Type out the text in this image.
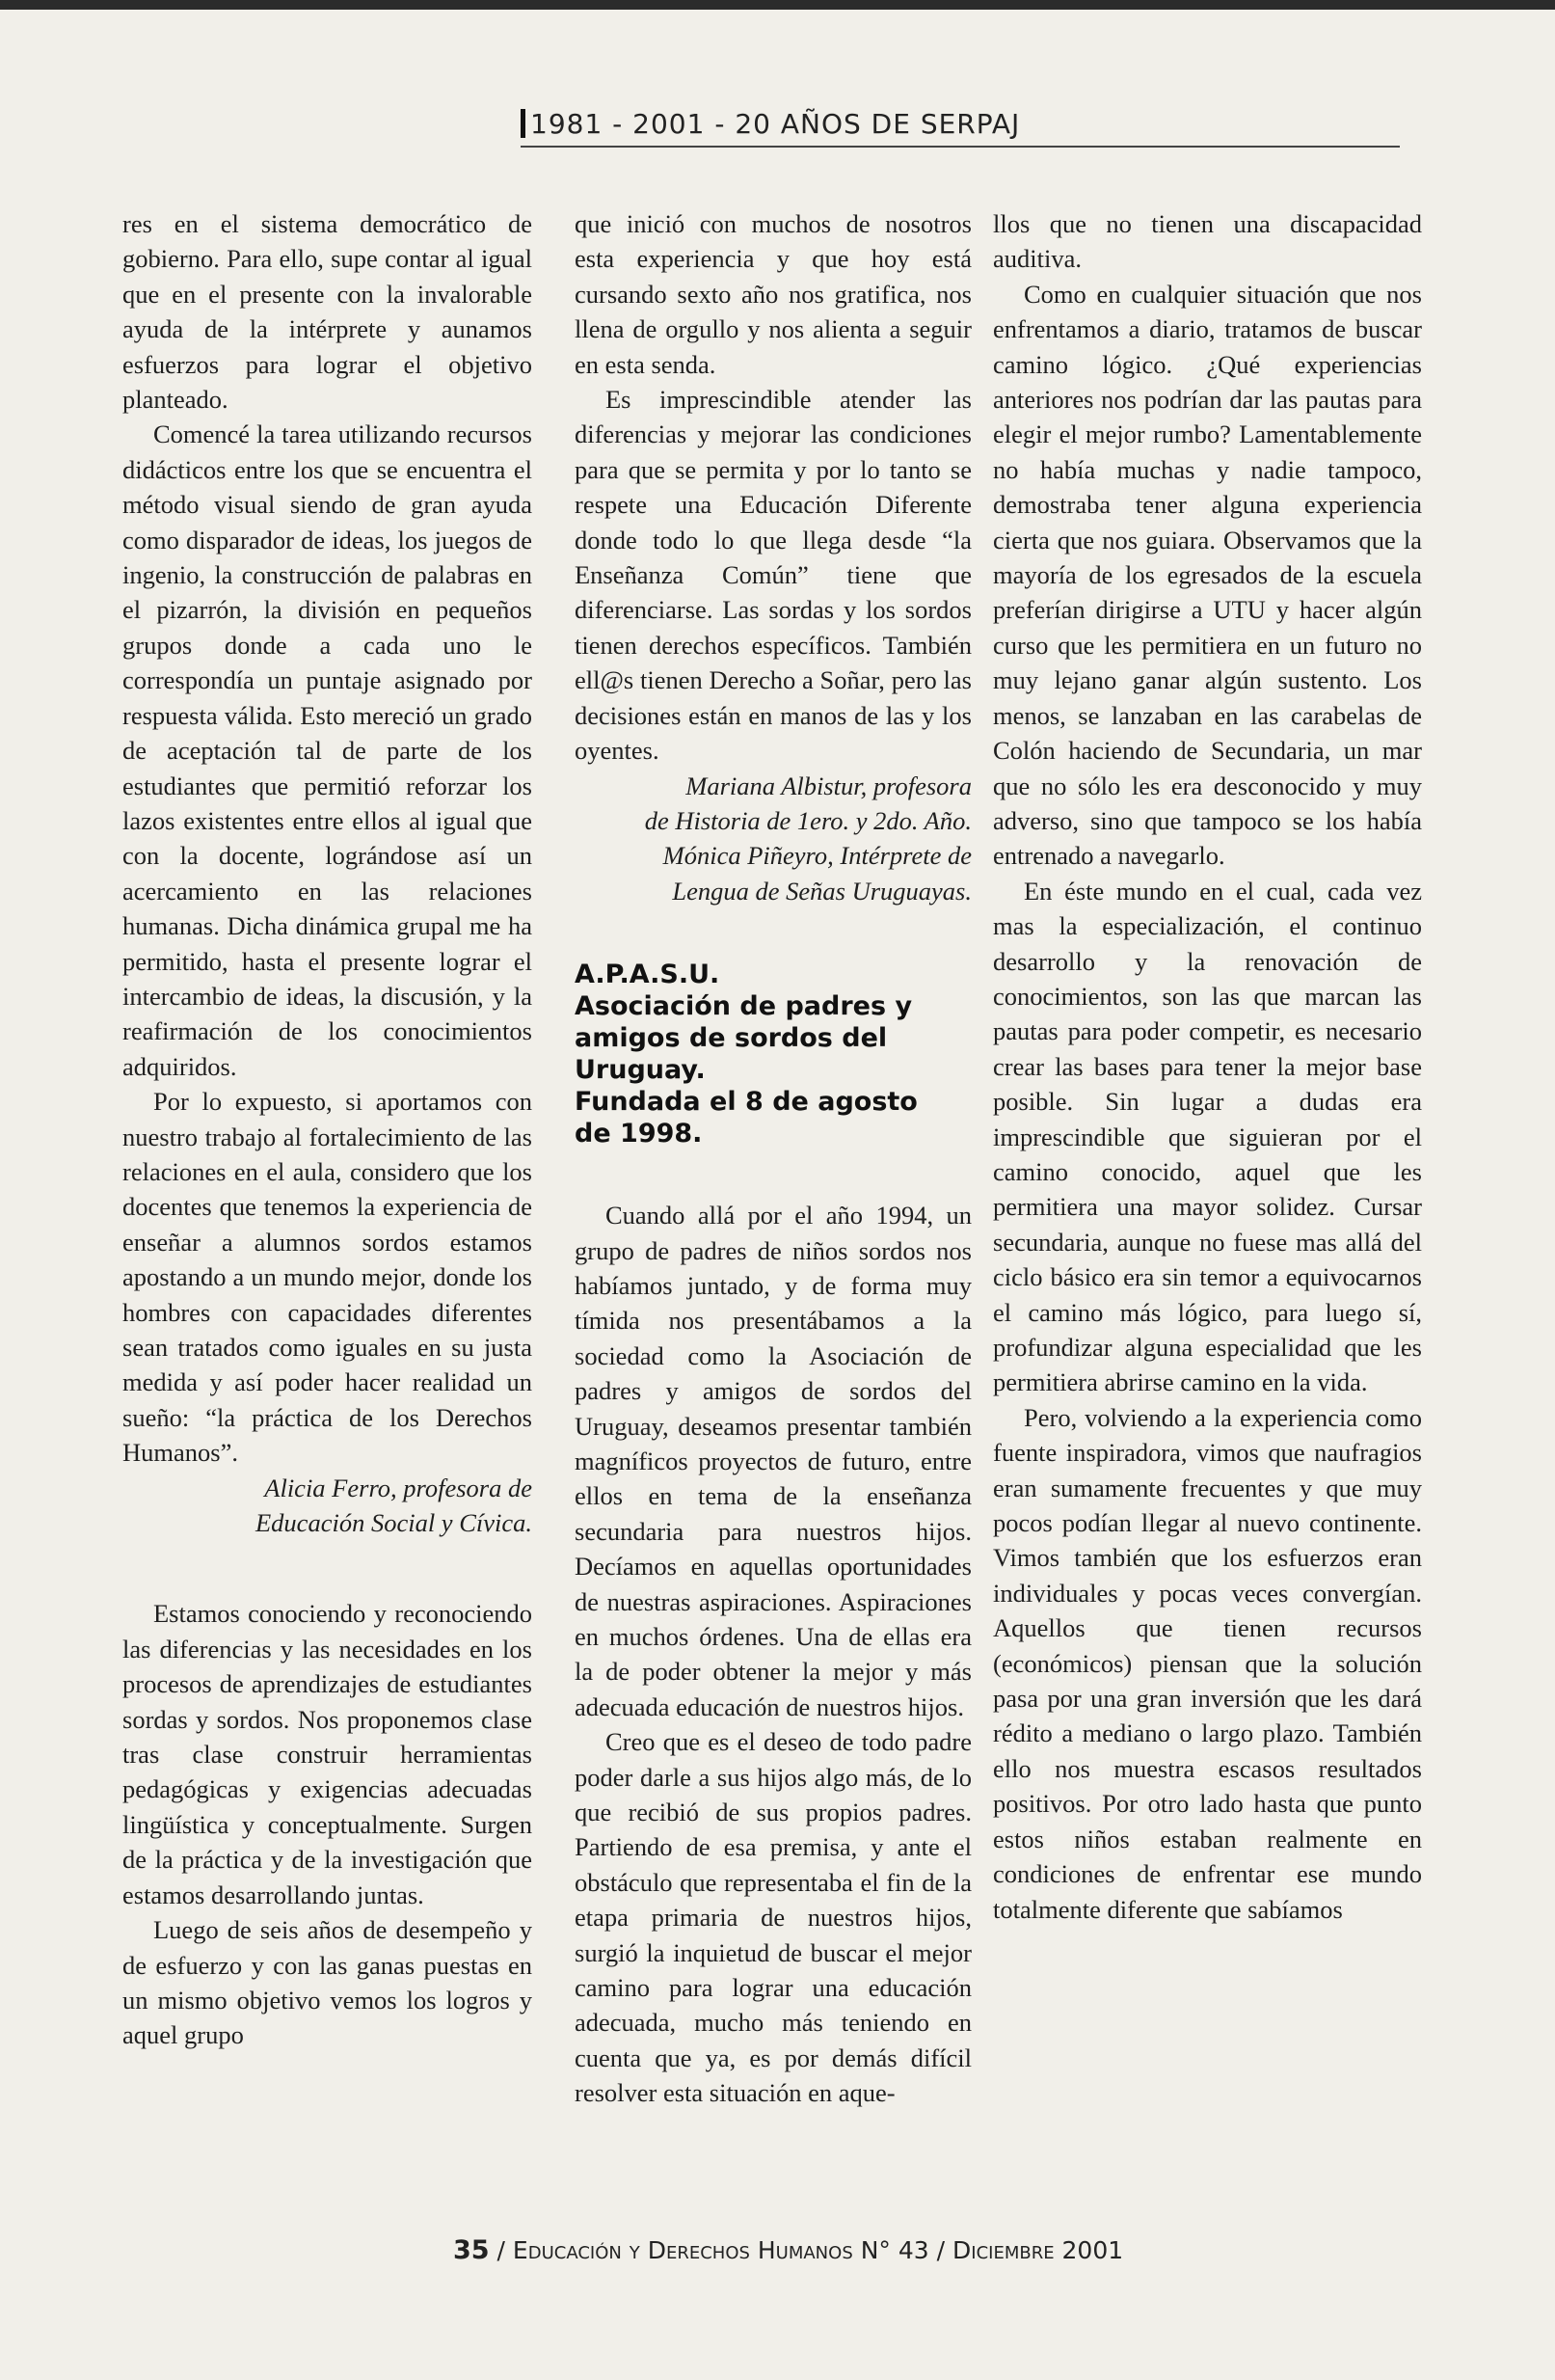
1981 - 2001 - 20 AÑOS DE SERPAJ

res en el sistema democrático de gobierno. Para ello, supe contar al igual que en el presente con la invalorable ayuda de la intérprete y aunamos esfuerzos para lograr el objetivo planteado.

Comencé la tarea utilizando recursos didácticos entre los que se encuentra el método visual siendo de gran ayuda como disparador de ideas, los juegos de ingenio, la construcción de palabras en el pizarrón, la división en pequeños grupos donde a cada uno le correspondía un puntaje asignado por respuesta válida. Esto mereció un grado de aceptación tal de parte de los estudiantes que permitió reforzar los lazos existentes entre ellos al igual que con la docente, lográndose así un acercamiento en las relaciones humanas. Dicha dinámica grupal me ha permitido, hasta el presente lograr el intercambio de ideas, la discusión, y la reafirmación de los conocimientos adquiridos.

Por lo expuesto, si aportamos con nuestro trabajo al fortalecimiento de las relaciones en el aula, considero que los docentes que tenemos la experiencia de enseñar a alumnos sordos estamos apostando a un mundo mejor, donde los hombres con capacidades diferentes sean tratados como iguales en su justa medida y así poder hacer realidad un sueño: “la práctica de los Derechos Humanos”.

Alicia Ferro, profesora de

Educación Social y Cívica.

Estamos conociendo y reconociendo las diferencias y las necesidades en los procesos de aprendizajes de estudiantes sordas y sordos. Nos proponemos clase tras clase construir herramientas pedagógicas y exigencias adecuadas lingüística y conceptualmente. Surgen de la práctica y de la investigación que estamos desarrollando juntas.

Luego de seis años de desempeño y de esfuerzo y con las ganas puestas en un mismo objetivo vemos los logros y aquel grupo

que inició con muchos de nosotros esta experiencia y que hoy está cursando sexto año nos gratifica, nos llena de orgullo y nos alienta a seguir en esta senda.

Es imprescindible atender las diferencias y mejorar las condiciones para que se permita y por lo tanto se respete una Educación Diferente donde todo lo que llega desde “la Enseñanza Común” tiene que diferenciarse. Las sordas y los sordos tienen derechos específicos. También ell@s tienen Derecho a Soñar, pero las decisiones están en manos de las y los oyentes.

Mariana Albistur, profesora

de Historia de 1ero. y 2do. Año.

Mónica Piñeyro, Intérprete de

Lengua de Señas Uruguayas.

A.P.A.S.U.
Asociación de padres y
amigos de sordos del
Uruguay.
Fundada el 8 de agosto
de 1998.

Cuando allá por el año 1994, un grupo de padres de niños sordos nos habíamos juntado, y de forma muy tímida nos presentábamos a la sociedad como la Asociación de padres y amigos de sordos del Uruguay, deseamos presentar también magníficos proyectos de futuro, entre ellos en tema de la enseñanza secundaria para nuestros hijos. Decíamos en aquellas oportunidades de nuestras aspiraciones. Aspiraciones en muchos órdenes. Una de ellas era la de poder obtener la mejor y más adecuada educación de nuestros hijos.

Creo que es el deseo de todo padre poder darle a sus hijos algo más, de lo que recibió de sus propios padres. Partiendo de esa premisa, y ante el obstáculo que representaba el fin de la etapa primaria de nuestros hijos, surgió la inquietud de buscar el mejor camino para lograr una educación adecuada, mucho más teniendo en cuenta que ya, es por demás difícil resolver esta situación en aque-

llos que no tienen una discapacidad auditiva.

Como en cualquier situación que nos enfrentamos a diario, tratamos de buscar camino lógico. ¿Qué experiencias anteriores nos podrían dar las pautas para elegir el mejor rumbo? Lamentablemente no había muchas y nadie tampoco, demostraba tener alguna experiencia cierta que nos guiara. Observamos que la mayoría de los egresados de la escuela preferían dirigirse a UTU y hacer algún curso que les permitiera en un futuro no muy lejano ganar algún sustento. Los menos, se lanzaban en las carabelas de Colón haciendo de Secundaria, un mar que no sólo les era desconocido y muy adverso, sino que tampoco se los había entrenado a navegarlo.

En éste mundo en el cual, cada vez mas la especialización, el continuo desarrollo y la renovación de conocimientos, son las que marcan las pautas para poder competir, es necesario crear las bases para tener la mejor base posible. Sin lugar a dudas era imprescindible que siguieran por el camino conocido, aquel que les permitiera una mayor solidez. Cursar secundaria, aunque no fuese mas allá del ciclo básico era sin temor a equivocarnos el camino más lógico, para luego sí, profundizar alguna especialidad que les permitiera abrirse camino en la vida.

Pero, volviendo a la experiencia como fuente inspiradora, vimos que naufragios eran sumamente frecuentes y que muy pocos podían llegar al nuevo continente. Vimos también que los esfuerzos eran individuales y pocas veces convergían. Aquellos que tienen recursos (económicos) piensan que la solución pasa por una gran inversión que les dará rédito a mediano o largo plazo. También ello nos muestra escasos resultados positivos. Por otro lado hasta que punto estos niños estaban realmente en condiciones de enfrentar ese mundo totalmente diferente que sabíamos

35 / Educación y Derechos Humanos N° 43 / Diciembre 2001
